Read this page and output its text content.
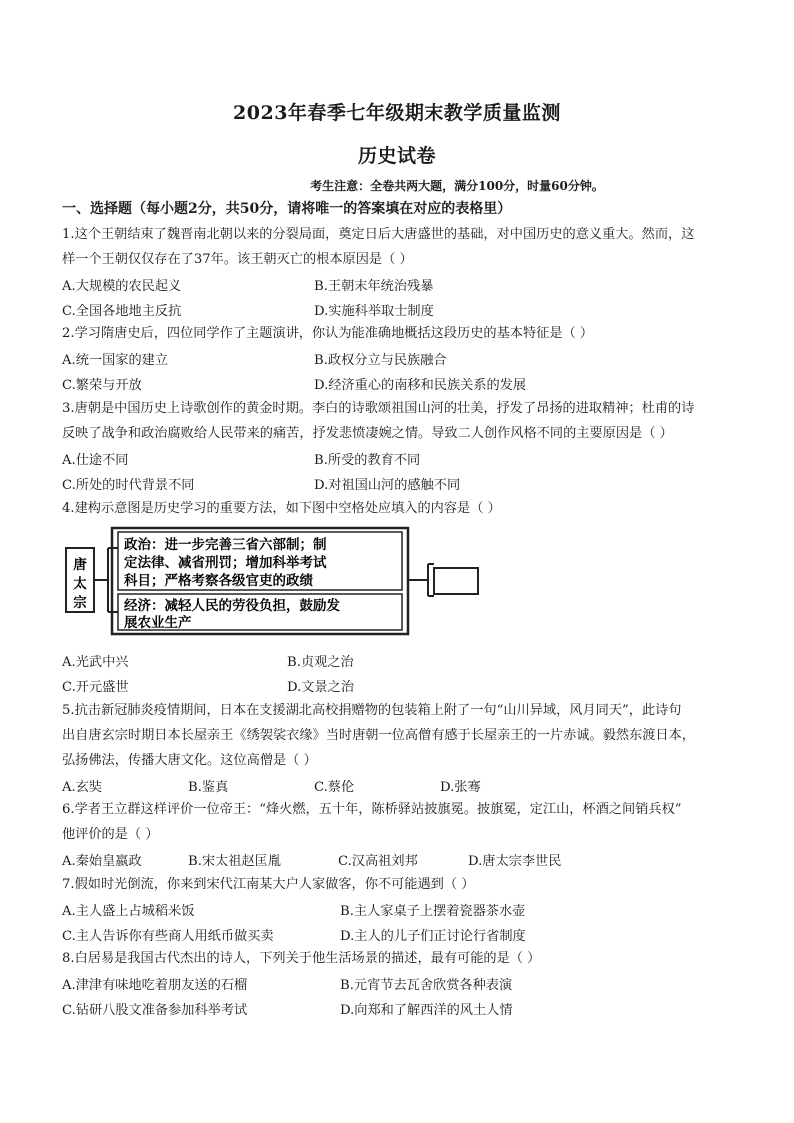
2023年春季七年级期末教学质量监测
历史试卷
考生注意：全卷共两大题，满分100分，时量60分钟。
一、选择题（每小题2分，共50分，请将唯一的答案填在对应的表格里）
1.这个王朝结束了魏晋南北朝以来的分裂局面，奠定日后大唐盛世的基础，对中国历史的意义重大。然而，这
样一个王朝仅仅存在了37年。该王朝灭亡的根本原因是（ ）
A.大规模的农民起义	B.王朝末年统治残暴
C.全国各地地主反抗	D.实施科举取士制度
2.学习隋唐史后，四位同学作了主题演讲，你认为能准确地概括这段历史的基本特征是（ ）
A.统一国家的建立	B.政权分立与民族融合
C.繁荣与开放	D.经济重心的南移和民族关系的发展
3.唐朝是中国历史上诗歌创作的黄金时期。李白的诗歌颂祖国山河的壮美，抒发了昂扬的进取精神；杜甫的诗
反映了战争和政治腐败给人民带来的痛苦，抒发悲愤凄婉之情。导致二人创作风格不同的主要原因是（ ）
A.仕途不同	B.所受的教育不同
C.所处的时代背景不同	D.对祖国山河的感触不同
4.建构示意图是历史学习的重要方法，如下图中空格处应填入的内容是（ ）
唐
太
宗
政治：进一步完善三省六部制；制
定法律、减省刑罚；增加科举考试
科目；严格考察各级官吏的政绩
经济：减轻人民的劳役负担，鼓励发
展农业生产
A.光武中兴	B.贞观之治
C.开元盛世	D.文景之治
5.抗击新冠肺炎疫情期间，日本在支援湖北高校捐赠物的包装箱上附了一句“山川异域，风月同天”，此诗句
出自唐玄宗时期日本长屋亲王《绣袈裟衣缘》当时唐朝一位高僧有感于长屋亲王的一片赤诚。毅然东渡日本，
弘扬佛法，传播大唐文化。这位高僧是（ ）
A.玄奘	B.鉴真	C.蔡伦	D.张骞
6.学者王立群这样评价一位帝王：“烽火燃，五十年，陈桥驿站披旗冕。披旗冕，定江山，杯酒之间销兵权”
他评价的是（ ）
A.秦始皇嬴政	B.宋太祖赵匡胤	C.汉高祖刘邦	D.唐太宗李世民
7.假如时光倒流，你来到宋代江南某大户人家做客，你不可能遇到（ ）
A.主人盛上占城稻米饭	B.主人家桌子上摆着瓷器茶水壶
C.主人告诉你有些商人用纸币做买卖	D.主人的儿子们正讨论行省制度
8.白居易是我国古代杰出的诗人，下列关于他生活场景的描述，最有可能的是（ ）
A.津津有味地吃着朋友送的石榴	B.元宵节去瓦舍欣赏各种表演
C.钻研八股文准备参加科举考试	D.向郑和了解西洋的风土人情
